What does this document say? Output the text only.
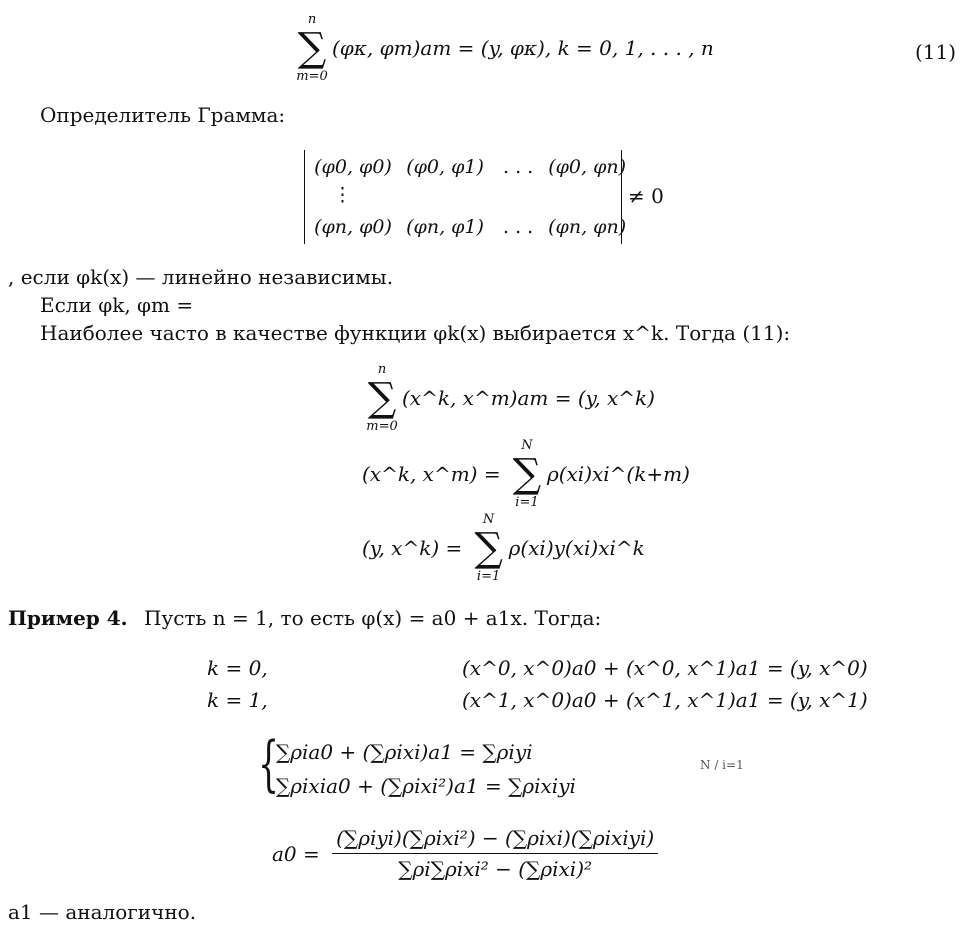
n
∑
m=0
(φκ, φm)am = (y, φκ), k = 0, 1, . . . , n	(11)
Определитель Грамма:
(φ0, φ0) (φ0, φ1) . . . (φ0, φn)
⋮
(φn, φ0) (φn, φ1) . . . (φn, φn)
≠ 0
, если φk(x) — линейно независимы.
Если φk, φm =
Наиболее часто в качестве функции φk(x) выбирается x^k. Тогда (11):
n
∑
m=0
(x^k, x^m)am = (y, x^k)
(x^k, x^m) =
N
∑
i=1
ρ(xi)xi^(k+m)
(y, x^k) =
N
∑
i=1
ρ(xi)y(xi)xi^k
Пример 4. Пусть n = 1, то есть φ(x) = a0 + a1x. Тогда:
k = 0,	(x^0, x^0)a0 + (x^0, x^1)a1 = (y, x^0)
k = 1,	(x^1, x^0)a0 + (x^1, x^1)a1 = (y, x^1)
{
∑ρiа0 + (∑ρixi)a1 = ∑ρiyi
∑ρixia0 + (∑ρixi²)a1 = ∑ρixiyi
N / i=1
$a0 = \frac{\text{(∑ρiyi)(∑ρixi²) − (∑ρixi)(∑ρixiyi)}}{\text{∑ρi∑ρixi² − (∑ρixi)²}}$
a1 — аналогично.
